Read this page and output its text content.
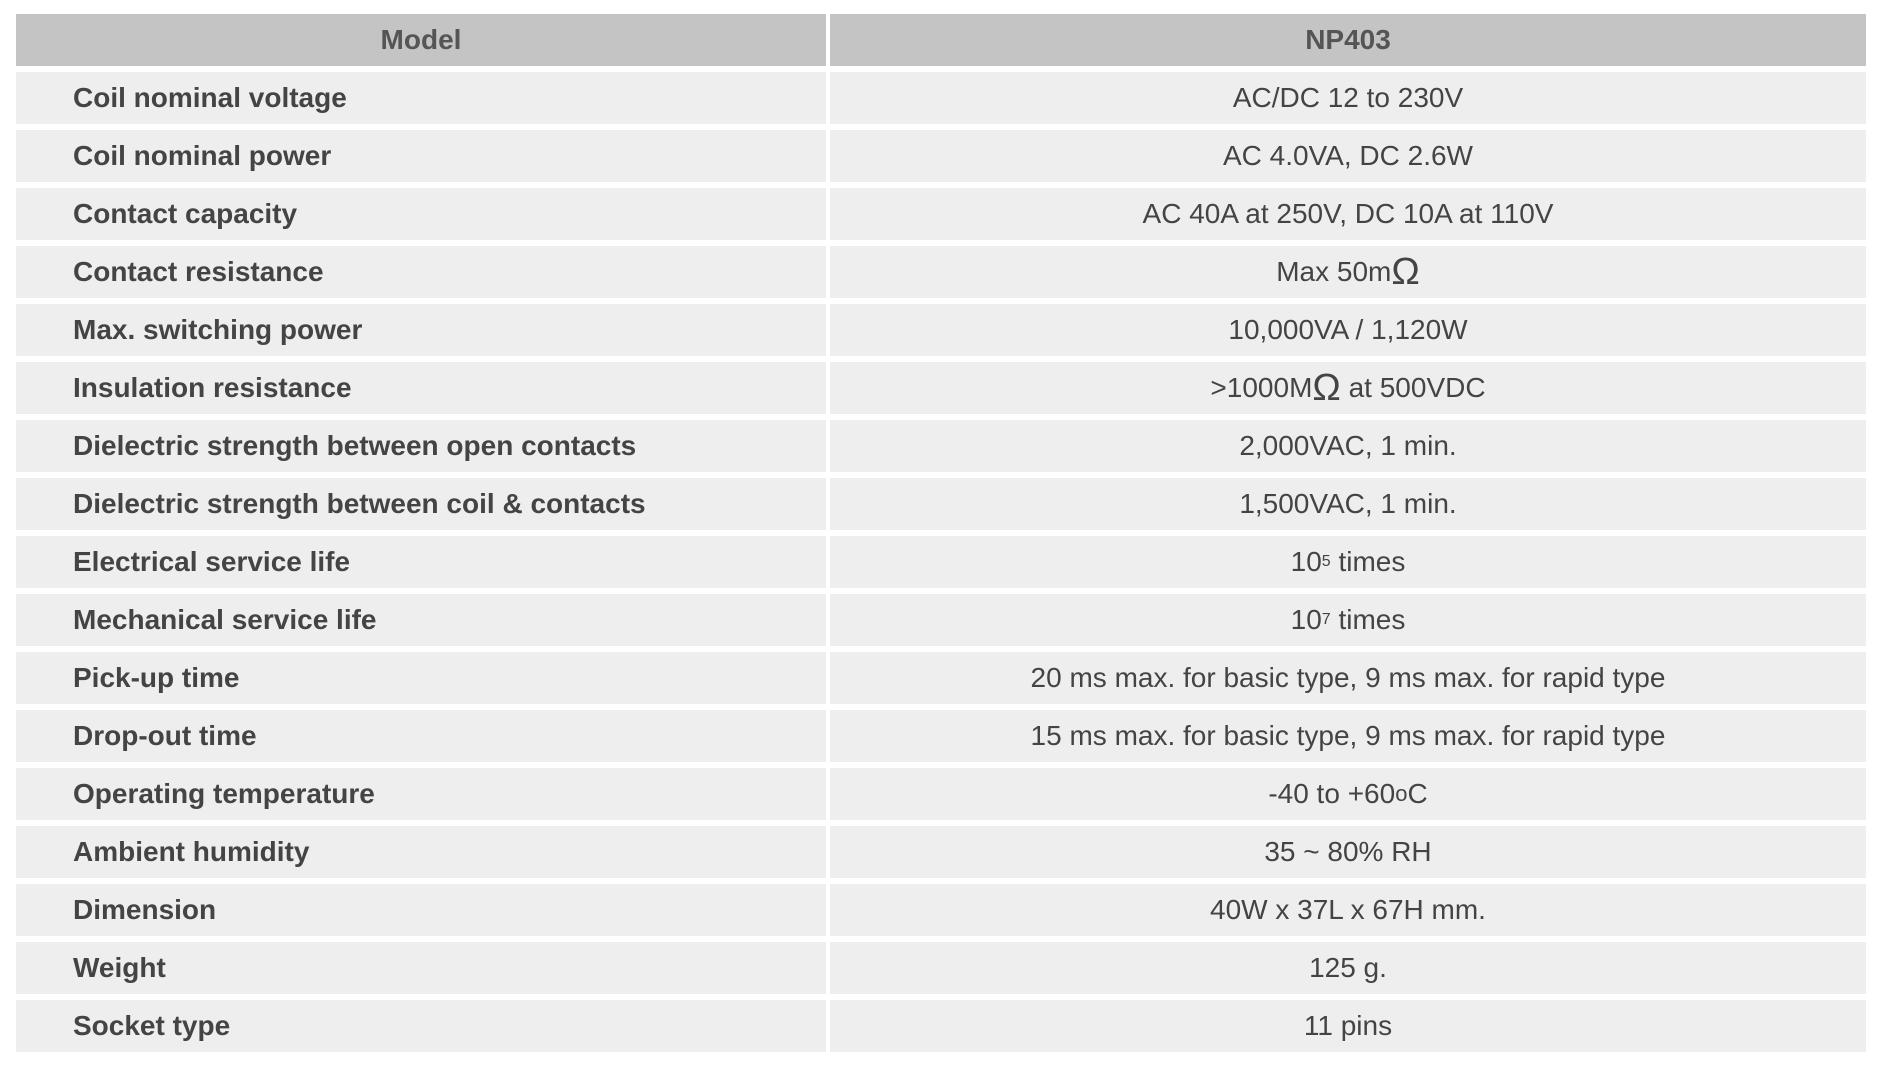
Model	NP403
Coil nominal voltage	AC/DC 12 to 230V
Coil nominal power	AC 4.0VA, DC 2.6W
Contact capacity	AC 40A at 250V, DC 10A at 110V
Contact resistance	Max 50m Ω
Max. switching power	10,000VA / 1,120W
Insulation resistance	>1000M Ω at 500VDC
Dielectric strength between open contacts	2,000VAC, 1 min.
Dielectric strength between coil & contacts	1,500VAC, 1 min.
Electrical service life	10 5 times
Mechanical service life	10 7 times
Pick-up time	20 ms max. for basic type, 9 ms max. for rapid type
Drop-out time	15 ms max. for basic type, 9 ms max. for rapid type
Operating temperature	-40 to +60 o C
Ambient humidity	35 ~ 80% RH
Dimension	40W x 37L x 67H mm.
Weight	125 g.
Socket type	11 pins
